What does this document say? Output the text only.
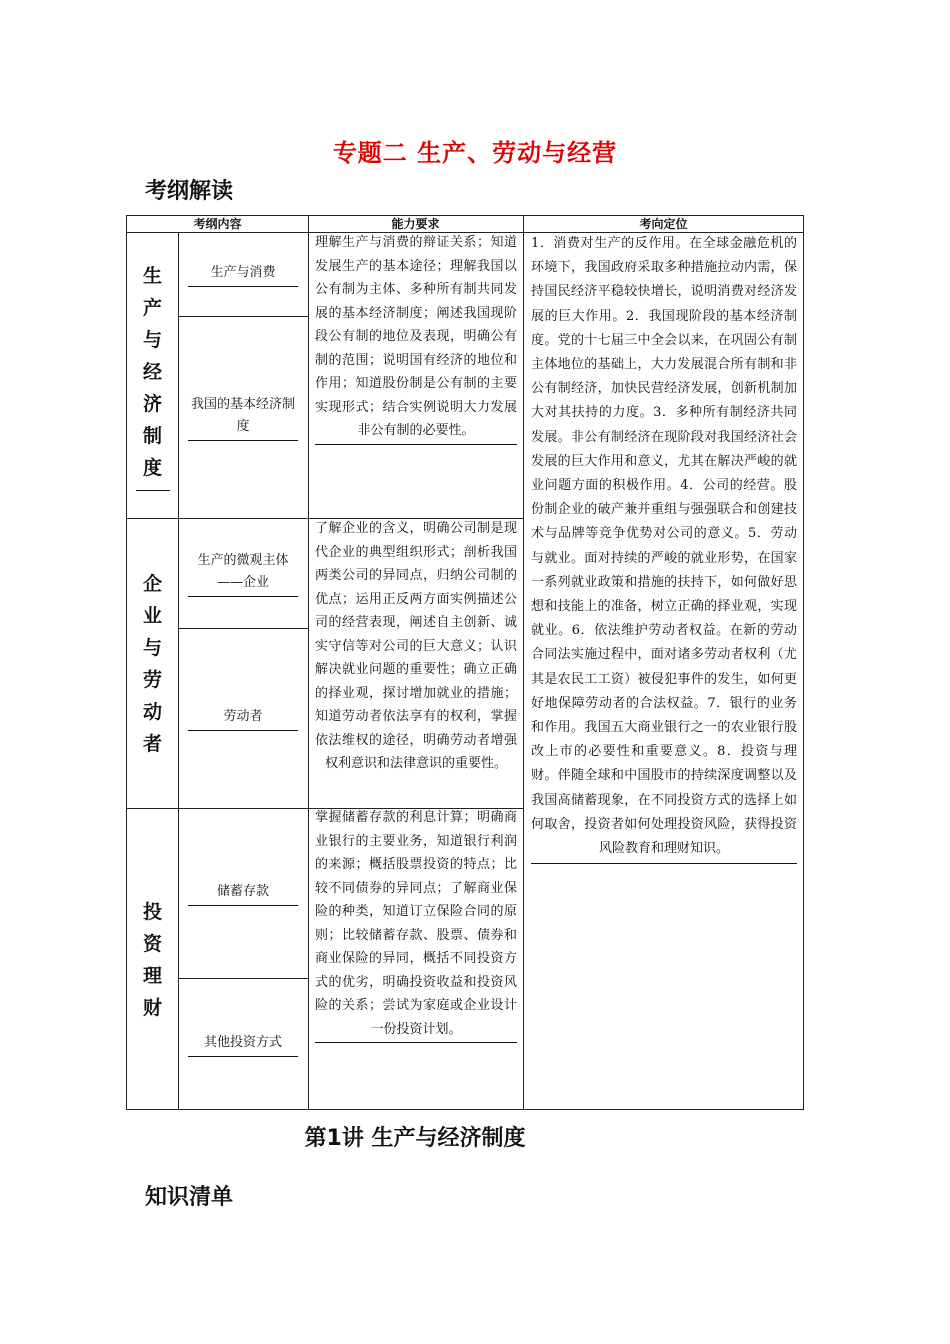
专题二 生产、劳动与经营
考纲解读
考纲内容	能力要求	考向定位
生
产
与
经
济
制
度
生产与消费
我国的基本经济制度
理解生产与消费的辩证关系；知道发展生产的基本途径；理解我国以公有制为主体、多种所有制共同发展的基本经济制度；阐述我国现阶段公有制的地位及表现，明确公有制的范围；说明国有经济的地位和作用；知道股份制是公有制的主要实现形式；结合实例说明大力发展非公有制的必要性。
企
业
与
劳
动
者
生产的微观主体——企业
劳动者
了解企业的含义，明确公司制是现代企业的典型组织形式；剖析我国两类公司的异同点，归纳公司制的优点；运用正反两方面实例描述公司的经营表现，阐述自主创新、诚实守信等对公司的巨大意义；认识解决就业问题的重要性；确立正确的择业观，探讨增加就业的措施；知道劳动者依法享有的权利，掌握依法维权的途径，明确劳动者增强权利意识和法律意识的重要性。
投
资
理
财
储蓄存款
其他投资方式
掌握储蓄存款的利息计算；明确商业银行的主要业务，知道银行利润的来源；概括股票投资的特点；比较不同债券的异同点；了解商业保险的种类，知道订立保险合同的原则；比较储蓄存款、股票、债券和商业保险的异同，概括不同投资方式的优劣，明确投资收益和投资风险的关系；尝试为家庭或企业设计一份投资计划。
1．消费对生产的反作用。在全球金融危机的环境下，我国政府采取多种措施拉动内需，保持国民经济平稳较快增长，说明消费对经济发展的巨大作用。2．我国现阶段的基本经济制度。党的十七届三中全会以来，在巩固公有制主体地位的基础上，大力发展混合所有制和非公有制经济，加快民营经济发展，创新机制加大对其扶持的力度。3．多种所有制经济共同发展。非公有制经济在现阶段对我国经济社会发展的巨大作用和意义，尤其在解决严峻的就业问题方面的积极作用。4．公司的经营。股份制企业的破产兼并重组与强强联合和创建技术与品牌等竞争优势对公司的意义。5．劳动与就业。面对持续的严峻的就业形势，在国家一系列就业政策和措施的扶持下，如何做好思想和技能上的准备，树立正确的择业观，实现就业。6．依法维护劳动者权益。在新的劳动合同法实施过程中，面对诸多劳动者权利（尤其是农民工工资）被侵犯事件的发生，如何更好地保障劳动者的合法权益。7．银行的业务和作用。我国五大商业银行之一的农业银行股改上市的必要性和重要意义。8．投资与理财。伴随全球和中国股市的持续深度调整以及我国高储蓄现象，在不同投资方式的选择上如何取舍，投资者如何处理投资风险，获得投资风险教育和理财知识。
第1讲 生产与经济制度
知识清单
